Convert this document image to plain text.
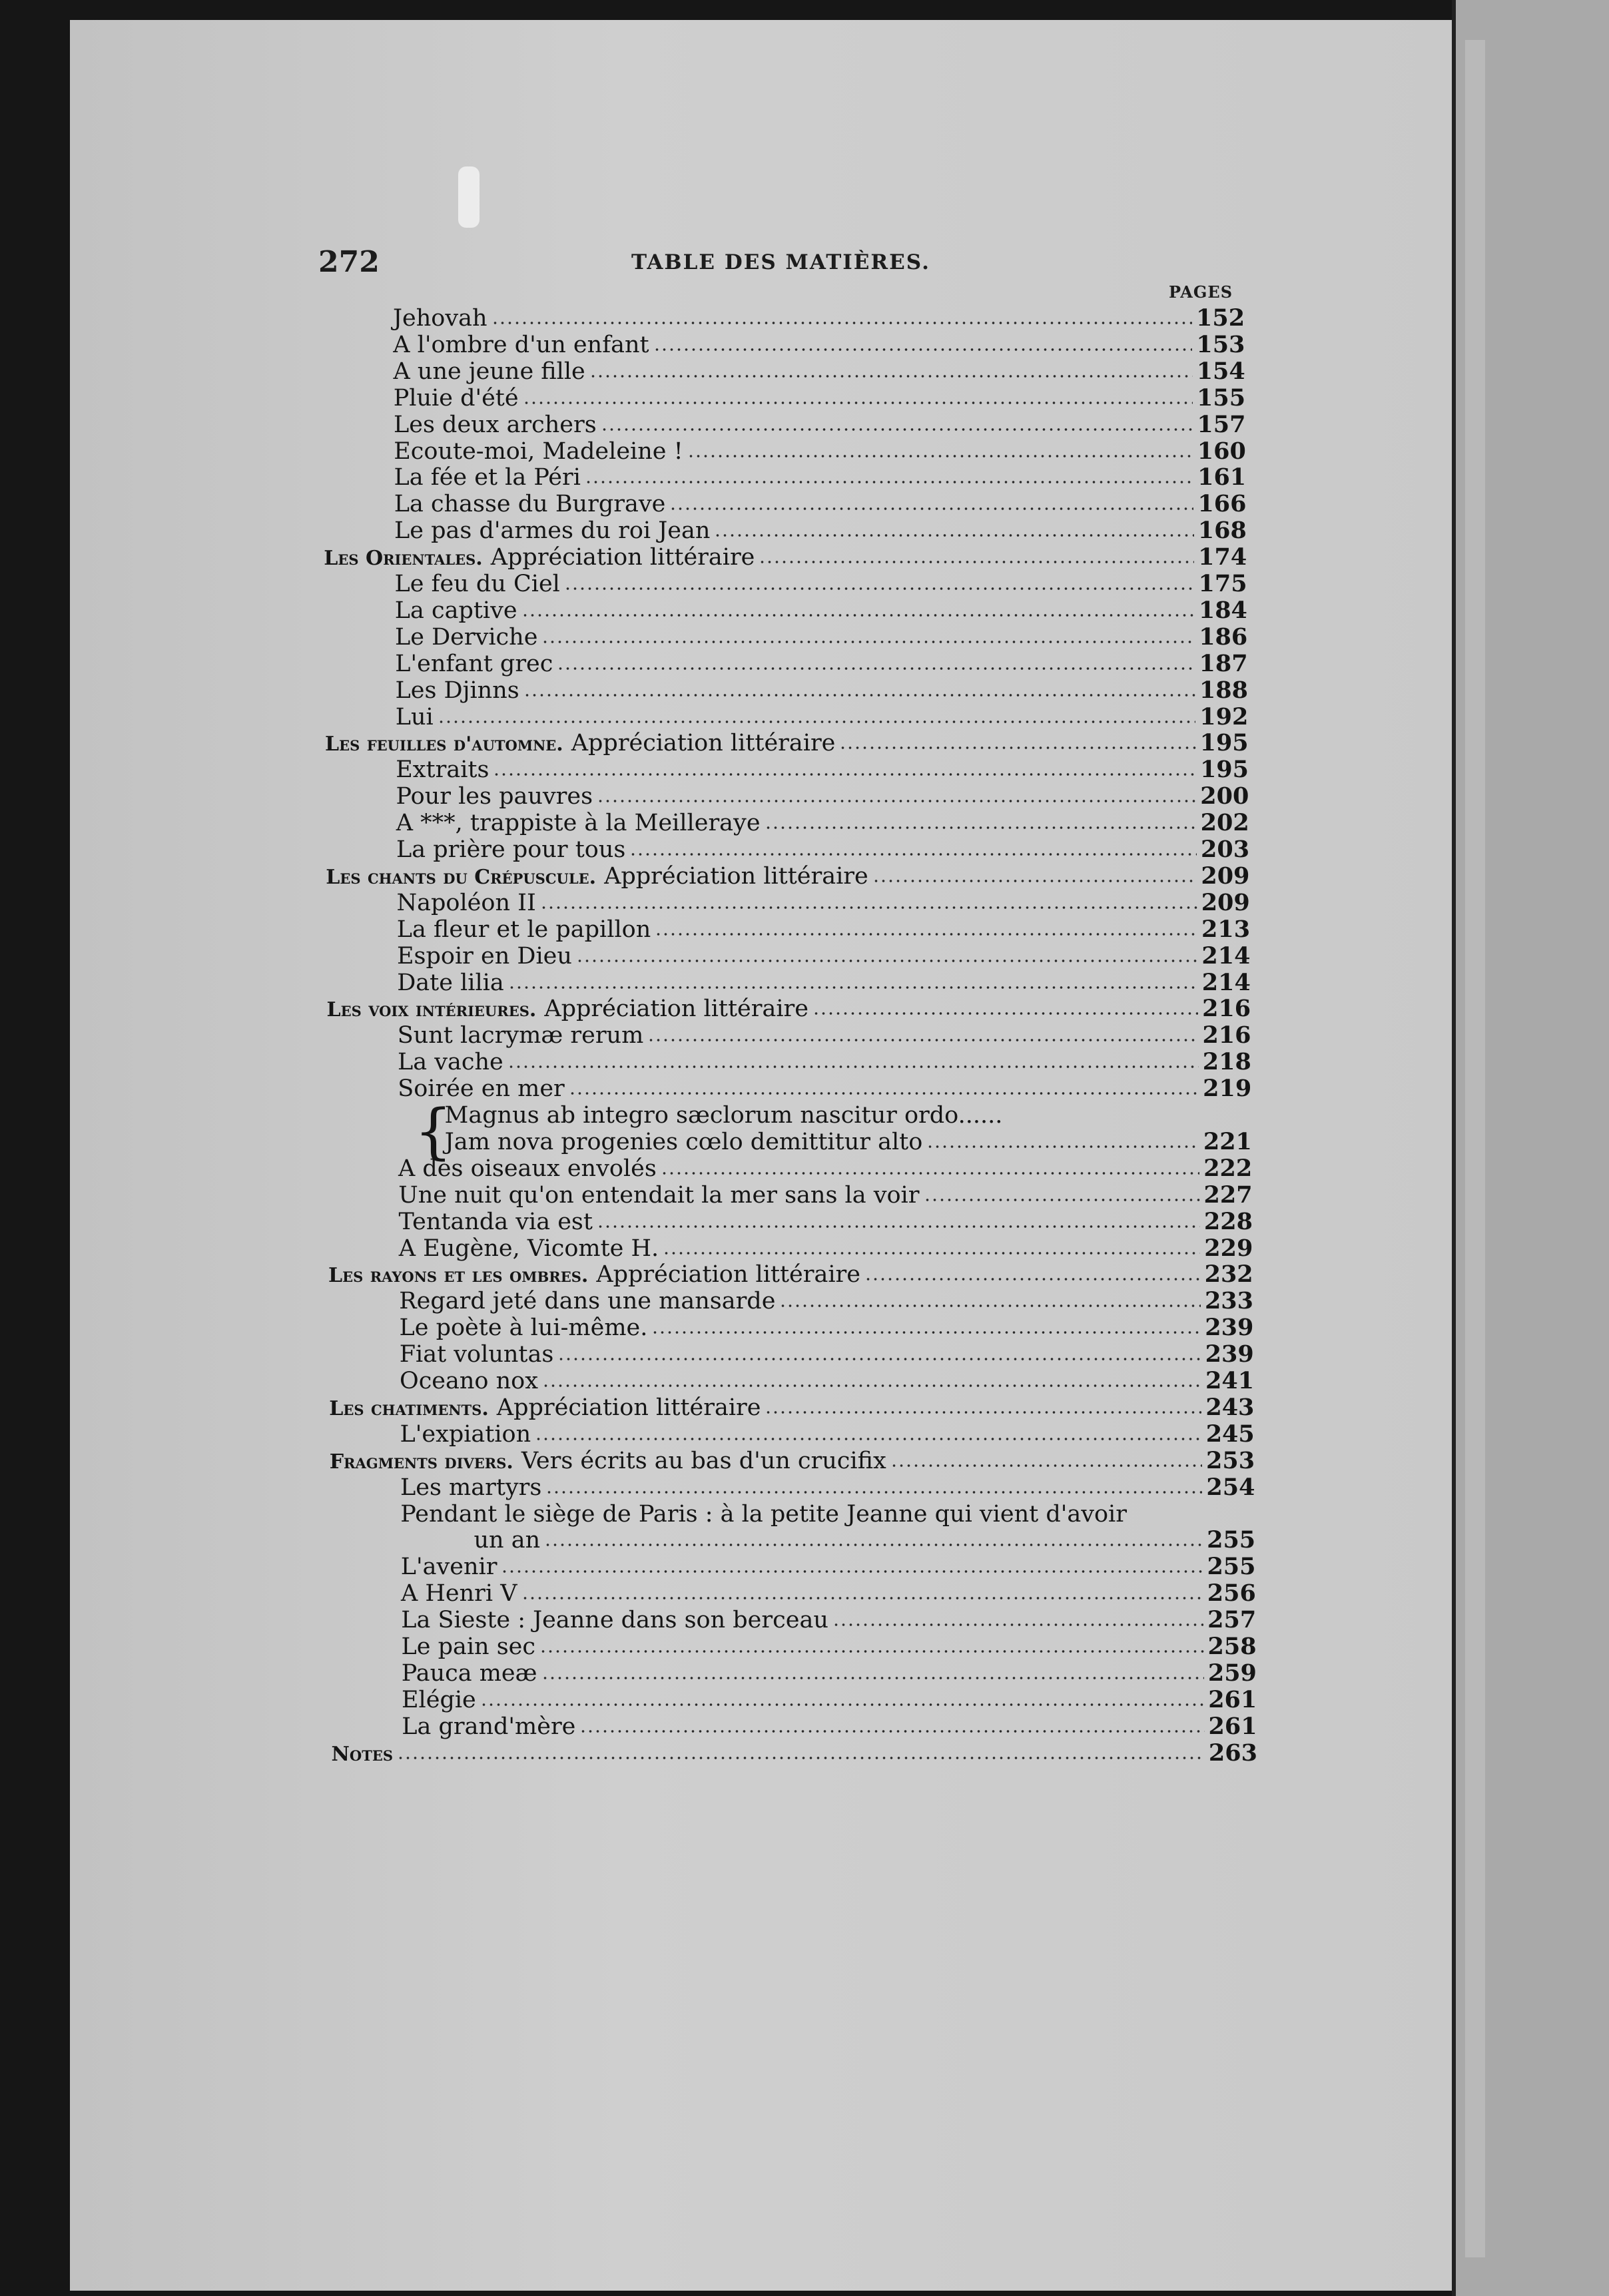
272	TABLE DES MATIÈRES.
PAGES
{
Jehovah	152
A l'ombre d'un enfant	153
A une jeune fille	154
Pluie d'été	155
Les deux archers	157
Ecoute-moi, Madeleine !	160
La fée et la Péri	161
La chasse du Burgrave	166
Le pas d'armes du roi Jean	168
Les Orientales. Appréciation littéraire	174
Le feu du Ciel	175
La captive	184
Le Derviche	186
L'enfant grec	187
Les Djinns	188
Lui	192
Les feuilles d'automne. Appréciation littéraire	195
Extraits	195
Pour les pauvres	200
A ***, trappiste à la Meilleraye	202
La prière pour tous	203
Les chants du Crépuscule. Appréciation littéraire	209
Napoléon II	209
La fleur et le papillon	213
Espoir en Dieu	214
Date lilia	214
Les voix intérieures. Appréciation littéraire	216
Sunt lacrymæ rerum	216
La vache	218
Soirée en mer	219
Magnus ab integro sæclorum nascitur ordo......
Jam nova progenies cœlo demittitur alto	221
A des oiseaux envolés	222
Une nuit qu'on entendait la mer sans la voir	227
Tentanda via est	228
A Eugène, Vicomte H.	229
Les rayons et les ombres. Appréciation littéraire	232
Regard jeté dans une mansarde	233
Le poète à lui-même.	239
Fiat voluntas	239
Oceano nox	241
Les chatiments. Appréciation littéraire	243
L'expiation	245
Fragments divers. Vers écrits au bas d'un crucifix	253
Les martyrs	254
Pendant le siège de Paris : à la petite Jeanne qui vient d'avoir
un an	255
L'avenir	255
A Henri V	256
La Sieste : Jeanne dans son berceau	257
Le pain sec	258
Pauca meæ	259
Elégie	261
La grand'mère	261
Notes	263
